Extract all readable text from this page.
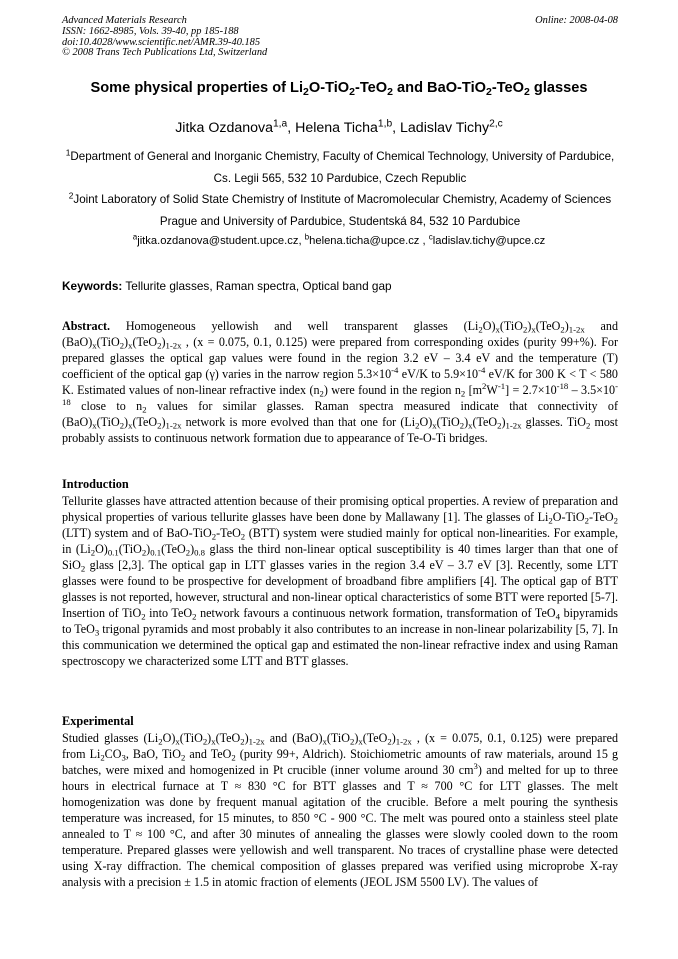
Advanced Materials Research
ISSN: 1662-8985, Vols. 39-40, pp 185-188
doi:10.4028/www.scientific.net/AMR.39-40.185
© 2008 Trans Tech Publications Ltd, Switzerland
Online: 2008-04-08
Some physical properties of $Li_2O-TiO_2-TeO_2$ and BaO-TiO$_2$-TeO$_2$ glasses
Jitka Ozdanova$^{1,a}$, Helena Ticha$^{1,b}$, Ladislav Tichy$^{2,c}$
$^1$Department of General and Inorganic Chemistry, Faculty of Chemical Technology, University of Pardubice, Cs. Legii 565, 532 10 Pardubice, Czech Republic
$^2$Joint Laboratory of Solid State Chemistry of Institute of Macromolecular Chemistry, Academy of Sciences Prague and University of Pardubice, Studentská 84, 532 10 Pardubice
$^a$jitka.ozdanova@student.upce.cz, $^b$helena.ticha@upce.cz , $^c$ladislav.tichy@upce.cz
Keywords: Tellurite glasses, Raman spectra, Optical band gap
Abstract. Homogeneous yellowish and well transparent glasses $(Li_2O)_x(TiO_2)_x(TeO_2)_{1-2x}$ and $(BaO)_x(TiO_2)_x(TeO_2)_{1-2x}$ , (x = 0.075, 0.1, 0.125) were prepared from corresponding oxides (purity 99+%). For prepared glasses the optical gap values were found in the region 3.2 eV – 3.4 eV and the temperature (T) coefficient of the optical gap (γ) varies in the narrow region $5.3\times 10^{-4}$ eV/K to $5.9\times 10^{-4}$ eV/K for 300 K < T < 580 K. Estimated values of non-linear refractive index $(n_2)$ were found in the region $n_2$ $[m^2W^{-1}] = 2.7\times 10^{-18} - 3.5\times 10^{-18}$ close to $n_2$ values for similar glasses. Raman spectra measured indicate that connectivity of $(BaO)_x(TiO_2)_x(TeO_2)_{1-2x}$ network is more evolved than that one for $(Li_2O)_x(TiO_2)_x(TeO_2)_{1-2x}$ glasses. TiO$_2$ most probably assists to continuous network formation due to appearance of Te-O-Ti bridges.
Introduction
Tellurite glasses have attracted attention because of their promising optical properties. A review of preparation and physical properties of various tellurite glasses have been done by Mallawany [1]. The glasses of $Li_2O-TiO_2-TeO_2$ (LTT) system and of BaO-TiO$_2$-TeO$_2$ (BTT) system were studied mainly for optical non-linearities. For example, in $(Li_2O)_{0.1}(TiO_2)_{0.1}(TeO_2)_{0.8}$ glass the third non-linear optical susceptibility is 40 times larger than that one of SiO$_2$ glass [2,3]. The optical gap in LTT glasses varies in the region 3.4 eV – 3.7 eV [3]. Recently, some LTT glasses were found to be prospective for development of broadband fibre amplifiers [4]. The optical gap of BTT glasses is not reported, however, structural and non-linear optical characteristics of some BTT were reported [5-7]. Insertion of TiO$_2$ into TeO$_2$ network favours a continuous network formation, transformation of TeO$_4$ bipyramids to TeO$_3$ trigonal pyramids and most probably it also contributes to an increase in non-linear polarizability [5, 7]. In this communication we determined the optical gap and estimated the non-linear refractive index and using Raman spectroscopy we characterized some LTT and BTT glasses.
Experimental
Studied glasses $(Li_2O)_x(TiO_2)_x(TeO_2)_{1-2x}$ and $(BaO)_x(TiO_2)_x(TeO_2)_{1-2x}$ , (x = 0.075, 0.1, 0.125) were prepared from $Li_2CO_3$, BaO, TiO$_2$ and TeO$_2$ (purity 99+, Aldrich). Stoichiometric amounts of raw materials, around 15 g batches, were mixed and homogenized in Pt crucible (inner volume around 30 $cm^3$) and melted for up to three hours in electrical furnace at T ≈ 830 °C for BTT glasses and T ≈ 700 °C for LTT glasses. The melt homogenization was done by frequent manual agitation of the crucible. Before a melt pouring the synthesis temperature was increased, for 15 minutes, to 850 °C - 900 °C. The melt was poured onto a stainless steel plate annealed to T ≈ 100 °C, and after 30 minutes of annealing the glasses were slowly cooled down to the room temperature. Prepared glasses were yellowish and well transparent. No traces of crystalline phase were detected using X-ray diffraction. The chemical composition of glasses prepared was verified using microprobe X-ray analysis with a precision ± 1.5 in atomic fraction of elements (JEOL JSM 5500 LV). The values of
